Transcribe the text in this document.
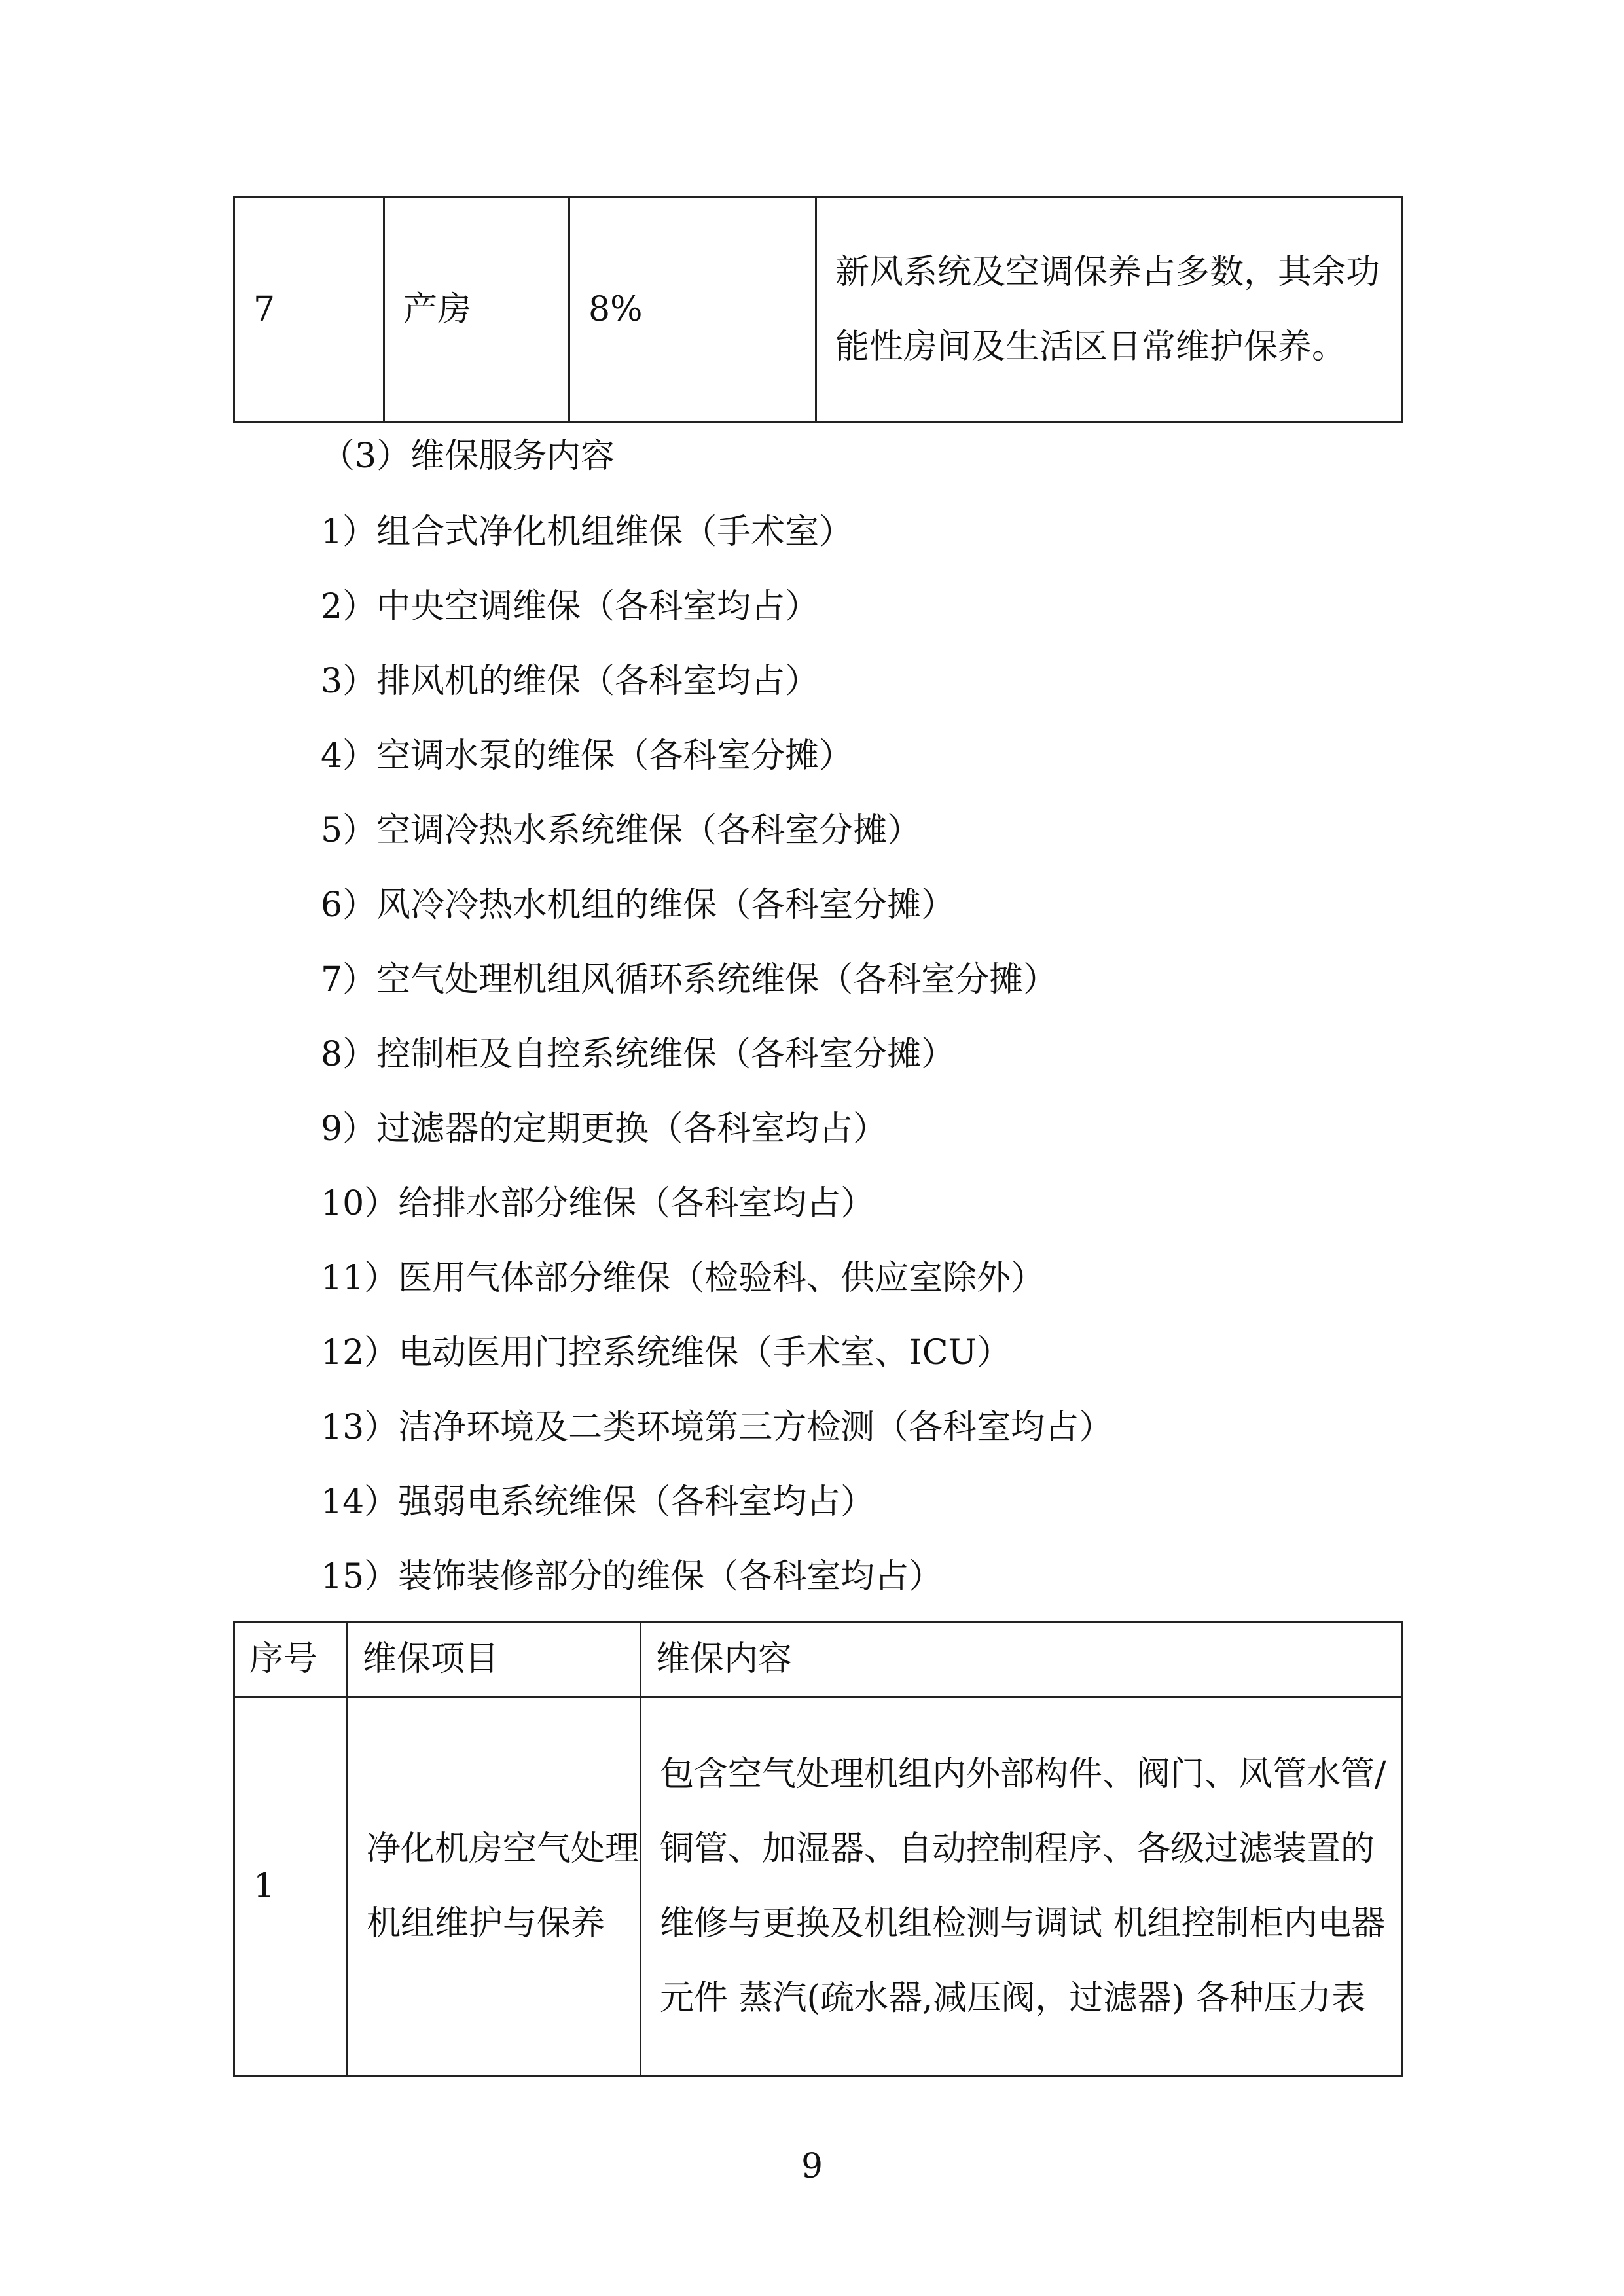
7	产房	8%	新风系统及空调保养占多数，其余功能性房间及生活区日常维护保养。
（3）维保服务内容
1）组合式净化机组维保（手术室）
2）中央空调维保（各科室均占）
3）排风机的维保（各科室均占）
4）空调水泵的维保（各科室分摊）
5）空调冷热水系统维保（各科室分摊）
6）风冷冷热水机组的维保（各科室分摊）
7）空气处理机组风循环系统维保（各科室分摊）
8）控制柜及自控系统维保（各科室分摊）
9）过滤器的定期更换（各科室均占）
10）给排水部分维保（各科室均占）
11）医用气体部分维保（检验科、供应室除外）
12）电动医用门控系统维保（手术室、ICU）
13）洁净环境及二类环境第三方检测（各科室均占）
14）强弱电系统维保（各科室均占）
15）装饰装修部分的维保（各科室均占）
序号	维保项目	维保内容
1	净化机房空气处理机组维护与保养	包含空气处理机组内外部构件、阀门、风管水管/铜管、加湿器、自动控制程序、各级过滤装置的维修与更换及机组检测与调试 机组控制柜内电器元件 蒸汽(疏水器,减压阀，过滤器) 各种压力表
9
